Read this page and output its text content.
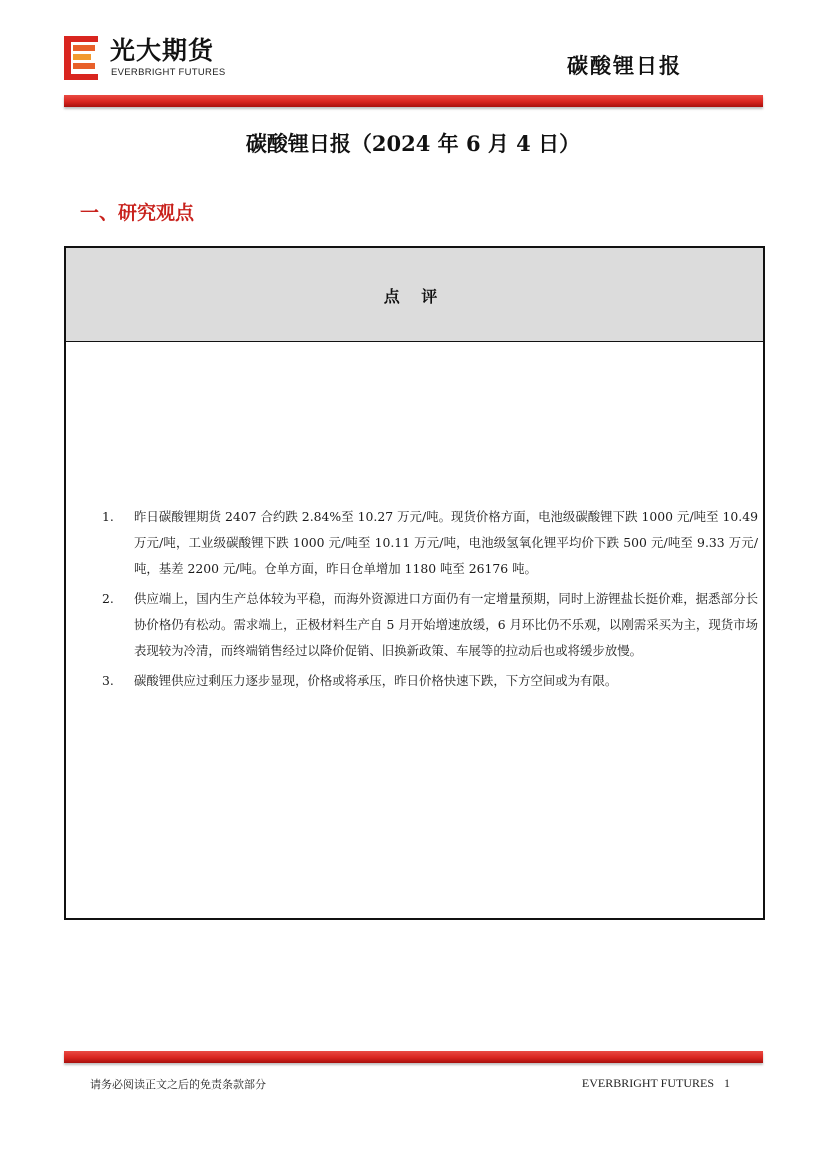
光大期货
EVERBRIGHT FUTURES	碳酸锂日报
碳酸锂日报（2024 年 6 月 4 日）
一、研究观点
点 评
1. 昨日碳酸锂期货 2407 合约跌 2.84%至 10.27 万元/吨。现货价格方面，电池级碳酸锂下跌 1000 元/吨至 10.49 万元/吨，工业级碳酸锂下跌 1000 元/吨至 10.11 万元/吨，电池级氢氧化锂平均价下跌 500 元/吨至 9.33 万元/吨，基差 2200 元/吨。仓单方面，昨日仓单增加 1180 吨至 26176 吨。
2. 供应端上，国内生产总体较为平稳，而海外资源进口方面仍有一定增量预期，同时上游锂盐长挺价难，据悉部分长协价格仍有松动。需求端上，正极材料生产自 5 月开始增速放缓，6 月环比仍不乐观，以刚需采买为主，现货市场表现较为冷清，而终端销售经过以降价促销、旧换新政策、车展等的拉动后也或将缓步放慢。
3. 碳酸锂供应过剩压力逐步显现，价格或将承压，昨日价格快速下跌，下方空间或为有限。
请务必阅读正文之后的免责条款部分	EVERBRIGHT FUTURES 1
